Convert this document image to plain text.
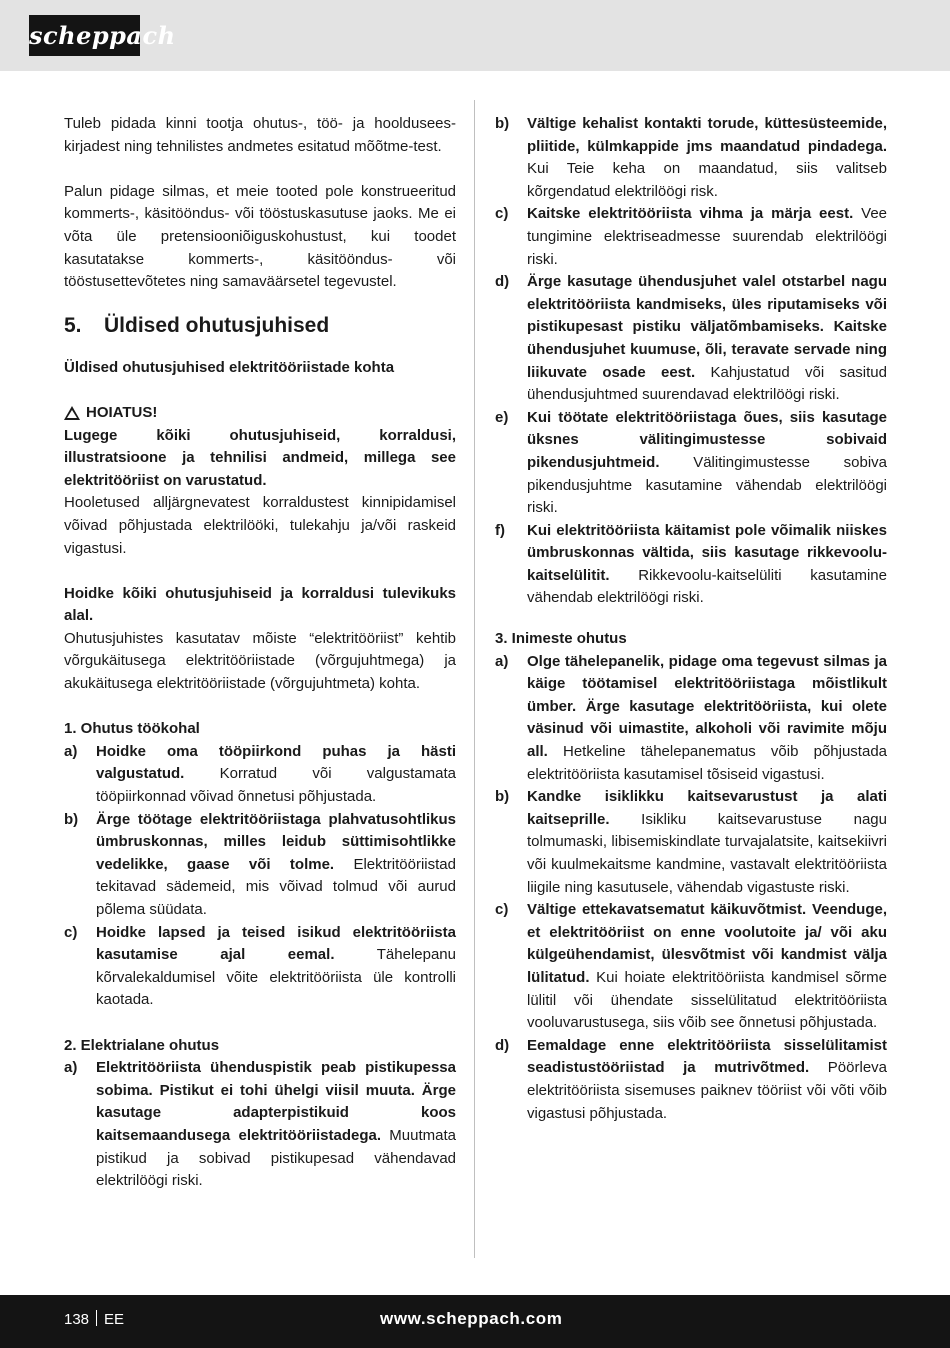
scheppach

Tuleb pidada kinni tootja ohutus-, töö- ja hooldusees-kirjadest ning tehnilistes andmetes esitatud mõõtme-test.

Palun pidage silmas, et meie tooted pole konstrueeritud kommerts-, käsitööndus- või tööstuskasutuse jaoks. Me ei võta üle pretensiooniõiguskohustust, kui toodet kasutatakse kommerts-, käsitööndus- või tööstusettevõtetes ning samaväärsetel tegevustel.

5.	Üldised ohutusjuhised

Üldised ohutusjuhised elektritööriistade kohta

HOIATUS!

Lugege kõiki ohutusjuhiseid, korraldusi, illustratsioone ja tehnilisi andmeid, millega see elektritööriist on varustatud.

Hooletused alljärgnevatest korraldustest kinnipidamisel võivad põhjustada elektrilööki, tulekahju ja/või raskeid vigastusi.

Hoidke kõiki ohutusjuhiseid ja korraldusi tulevikuks alal.

Ohutusjuhistes kasutatav mõiste “elektritööriist” kehtib võrgukäitusega elektritööriistade (võrgujuhtmega) ja akukäitusega elektritööriistade (võrgujuhtmeta) kohta.

1. Ohutus töökohal

a)	Hoidke oma tööpiirkond puhas ja hästi valgustatud. Korratud või valgustamata tööpiirkonnad võivad õnnetusi põhjustada.

b)	Ärge töötage elektritööriistaga plahvatusohtlikus ümbruskonnas, milles leidub süttimisohtlikke vedelikke, gaase või tolme. Elektritööriistad tekitavad sädemeid, mis võivad tolmud või aurud põlema süüdata.

c)	Hoidke lapsed ja teised isikud elektritööriista kasutamise ajal eemal. Tähelepanu kõrvalekaldumisel võite elektritööriista üle kontrolli kaotada.

2. Elektrialane ohutus

a)	Elektritööriista ühenduspistik peab pistikupessa sobima. Pistikut ei tohi ühelgi viisil muuta. Ärge kasutage adapterpistikuid koos kaitsemaandusega elektritööriistadega. Muutmata pistikud ja sobivad pistikupesad vähendavad elektrilöögi riski.

b)	Vältige kehalist kontakti torude, küttesüsteemide, pliitide, külmkappide jms maandatud pindadega. Kui Teie keha on maandatud, siis valitseb kõrgendatud elektrilöögi risk.

c)	Kaitske elektritööriista vihma ja märja eest. Vee tungimine elektriseadmesse suurendab elektrilöögi riski.

d)	Ärge kasutage ühendusjuhet valel otstarbel nagu elektritööriista kandmiseks, üles riputamiseks või pistikupesast pistiku väljatõmbamiseks. Kaitske ühendusjuhet kuumuse, õli, teravate servade ning liikuvate osade eest. Kahjustatud või sasitud ühendusjuhtmed suurendavad elektrilöögi riski.

e)	Kui töötate elektritööriistaga õues, siis kasutage üksnes välitingimustesse sobivaid pikendusjuhtmeid. Välitingimustesse sobiva pikendusjuhtme kasutamine vähendab elektrilöögi riski.

f)	Kui elektritööriista käitamist pole võimalik niiskes ümbruskonnas vältida, siis kasutage rikkevoolu-kaitselülitit. Rikkevoolu-kaitselüliti kasutamine vähendab elektrilöögi riski.

3. Inimeste ohutus

a)	Olge tähelepanelik, pidage oma tegevust silmas ja käige töötamisel elektritööriistaga mõistlikult ümber. Ärge kasutage elektritööriista, kui olete väsinud või uimastite, alkoholi või ravimite mõju all. Hetkeline tähelepanematus võib põhjustada elektritööriista kasutamisel tõsiseid vigastusi.

b)	Kandke isiklikku kaitsevarustust ja alati kaitseprille. Isikliku kaitsevarustuse nagu tolmumaski, libisemiskindlate turvajalatsite, kaitsekiivri või kuulmekaitsme kandmine, vastavalt elektritööriista liigile ning kasutusele, vähendab vigastuste riski.

c)	Vältige ettekavatsematut käikuvõtmist. Veenduge, et elektritööriist on enne voolutoite ja/ või aku külgeühendamist, ülesvõtmist või kandmist välja lülitatud. Kui hoiate elektritööriista kandmisel sõrme lülitil või ühendate sisselülitatud elektritööriista vooluvarustusega, siis võib see õnnetusi põhjustada.

d)	Eemaldage enne elektritööriista sisselülitamist seadistustööriistad ja mutrivõtmed. Pöörleva elektritööriista sisemuses paiknev tööriist või võti võib vigastusi põhjustada.

138 EE	www.scheppach.com
